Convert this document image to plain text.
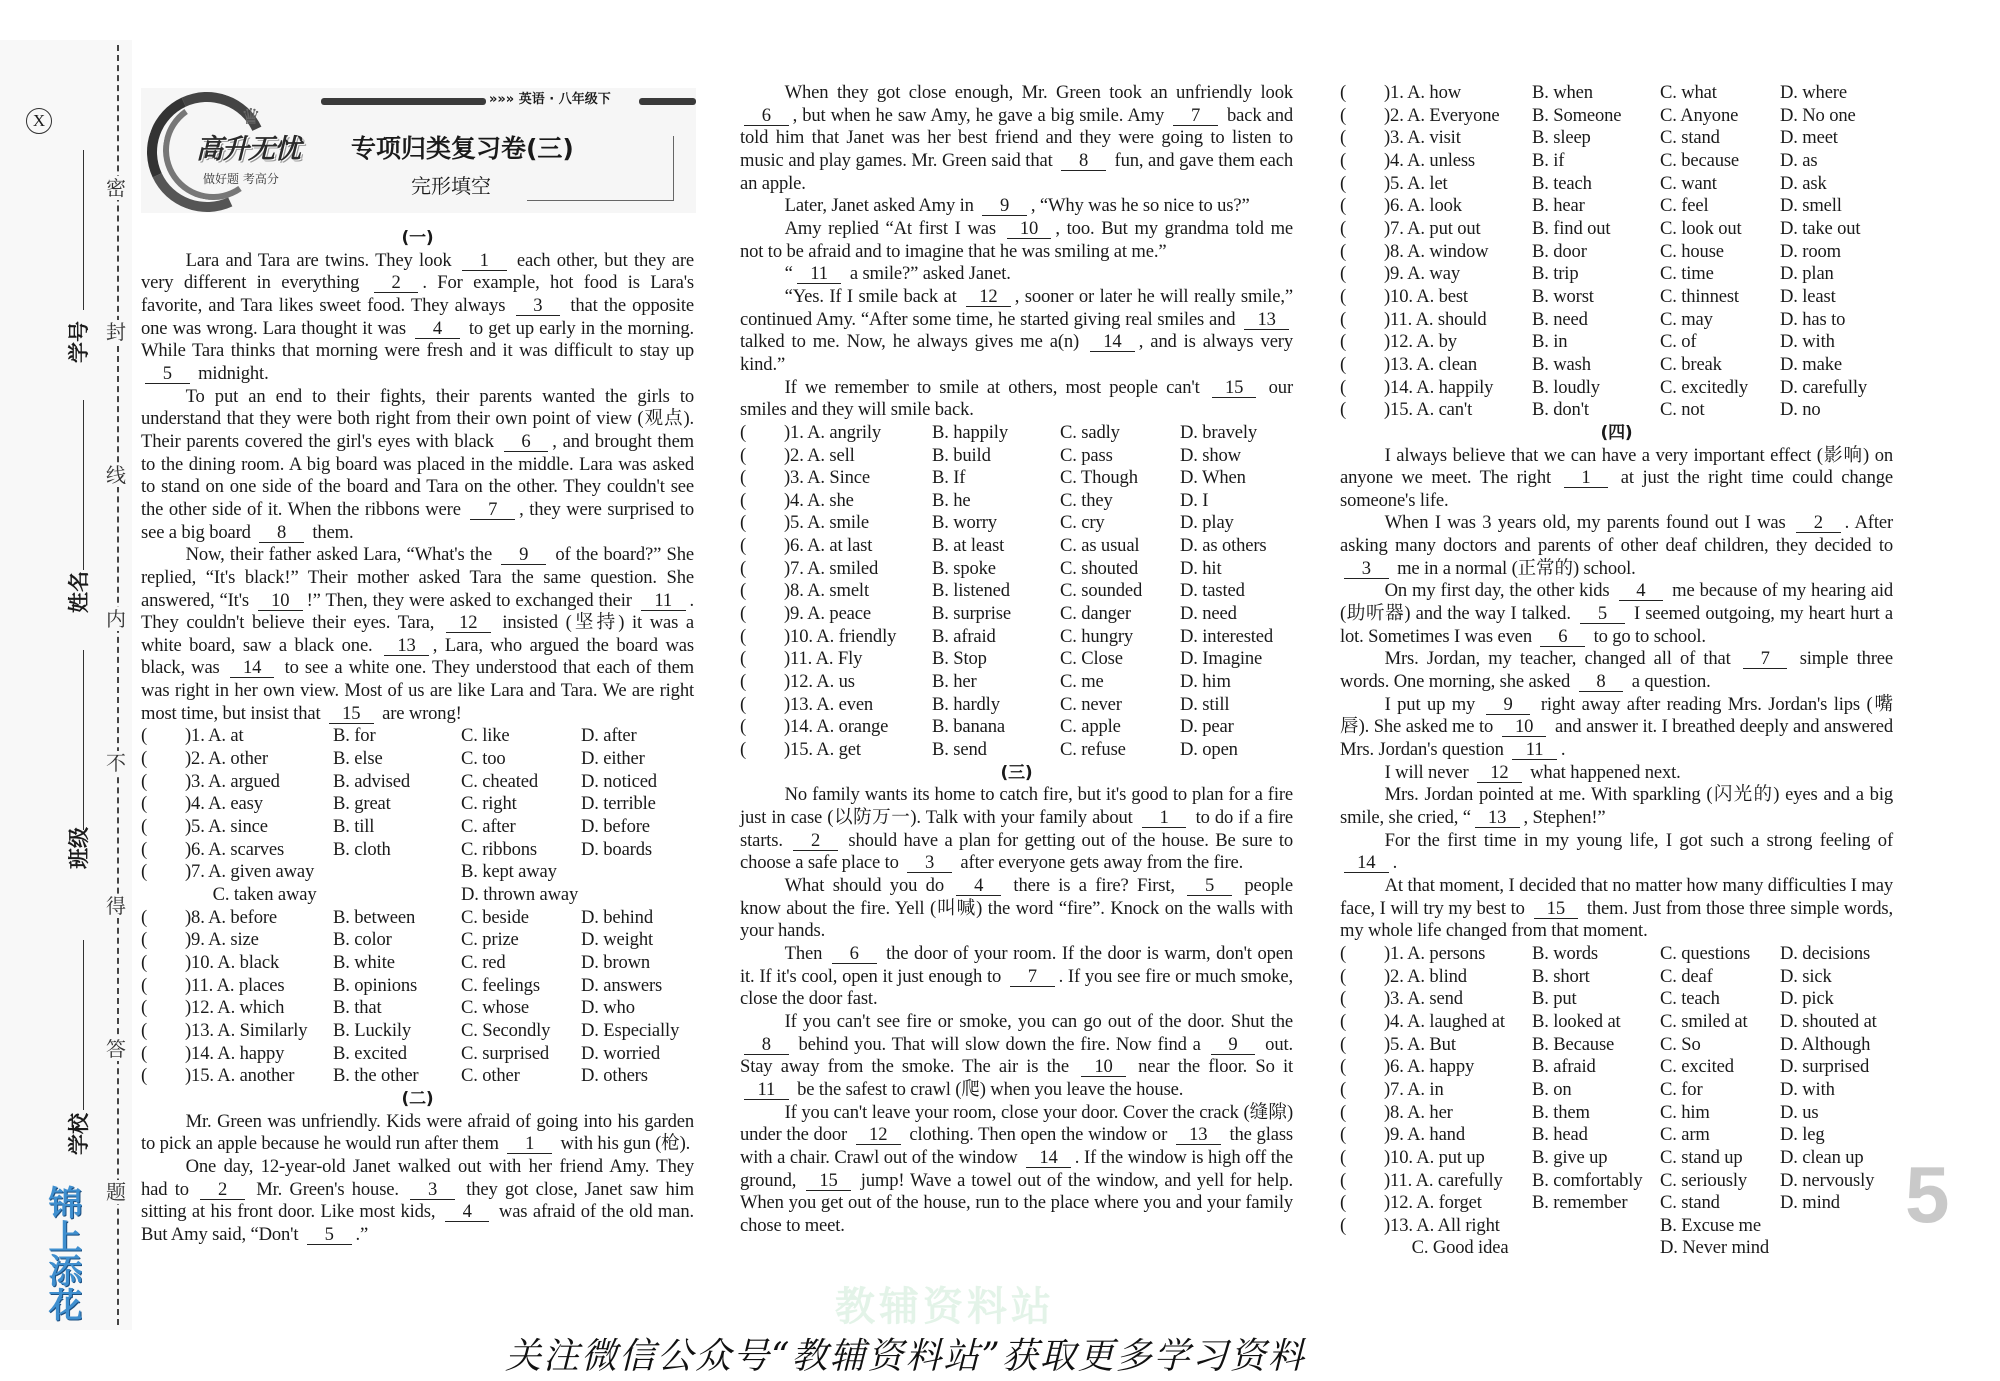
X
密
封
线
内
不
得
答
题
学号
姓名
班级
学校
锦上添花
♛
高升无忧
做好题 考高分
»»» 英语 · 八年级下
专项归类复习卷(三)
完形填空
(一)

Lara and Tara are twins. They look 1 each other, but they are very different in everything 2 . For example, hot food is Lara's favorite, and Tara likes sweet food. They always 3 that the opposite one was wrong. Lara thought it was 4 to get up early in the morning. While Tara thinks that morning were fresh and it was difficult to stay up 5 midnight.

To put an end to their fights, their parents wanted the girls to understand that they were both right from their own point of view (观点). Their parents covered the girl's eyes with black 6 , and brought them to the dining room. A big board was placed in the middle. Lara was asked to stand on one side of the board and Tara on the other. They couldn't see the other side of it. When the ribbons were 7 , they were surprised to see a big board 8 them.

Now, their father asked Lara, “What's the 9 of the board?” She replied, “It's black!” Their mother asked Tara the same question. She answered, “It's 10 !” Then, they were asked to exchanged their 11 . They couldn't believe their eyes. Tara, 12 insisted (坚持) it was a white board, saw a black one. 13 , Lara, who argued the board was black, was 14 to see a white one. They understood that each of them was right in her own view. Most of us are like Lara and Tara. We are right most time, but insist that 15 are wrong!

(	)1. A. at	B. for	C. like	D. after
(	)2. A. other	B. else	C. too	D. either
(	)3. A. argued	B. advised	C. cheated	D. noticed
(	)4. A. easy	B. great	C. right	D. terrible
(	)5. A. since	B. till	C. after	D. before
(	)6. A. scarves	B. cloth	C. ribbons	D. boards
(	)7. A. given away	B. kept away
  C. taken away	D. thrown away
(	)8. A. before	B. between	C. beside	D. behind
(	)9. A. size	B. color	C. prize	D. weight
(	)10. A. black	B. white	C. red	D. brown
(	)11. A. places	B. opinions	C. feelings	D. answers
(	)12. A. which	B. that	C. whose	D. who
(	)13. A. Similarly	B. Luckily	C. Secondly	D. Especially
(	)14. A. happy	B. excited	C. surprised	D. worried
(	)15. A. another	B. the other	C. other	D. others
(二)

Mr. Green was unfriendly. Kids were afraid of going into his garden to pick an apple because he would run after them 1 with his gun (枪).

One day, 12-year-old Janet walked out with her friend Amy. They had to 2 Mr. Green's house. 3 they got close, Janet saw him sitting at his front door. Like most kids, 4 was afraid of the old man. But Amy said, “Don't 5 .”

When they got close enough, Mr. Green took an unfriendly look 6 , but when he saw Amy, he gave a big smile. Amy 7 back and told him that Janet was her best friend and they were going to listen to music and play games. Mr. Green said that 8 fun, and gave them each an apple.

Later, Janet asked Amy in 9 , “Why was he so nice to us?”

Amy replied “At first I was 10 , too. But my grandma told me not to be afraid and to imagine that he was smiling at me.”

“ 11 a smile?” asked Janet.

“Yes. If I smile back at 12 , sooner or later he will really smile,” continued Amy. “After some time, he started giving real smiles and 13 talked to me. Now, he always gives me a(n) 14 , and is always very kind.”

If we remember to smile at others, most people can't 15 our smiles and they will smile back.

(	)1. A. angrily	B. happily	C. sadly	D. bravely
(	)2. A. sell	B. build	C. pass	D. show
(	)3. A. Since	B. If	C. Though	D. When
(	)4. A. she	B. he	C. they	D. I
(	)5. A. smile	B. worry	C. cry	D. play
(	)6. A. at last	B. at least	C. as usual	D. as others
(	)7. A. smiled	B. spoke	C. shouted	D. hit
(	)8. A. smelt	B. listened	C. sounded	D. tasted
(	)9. A. peace	B. surprise	C. danger	D. need
(	)10. A. friendly	B. afraid	C. hungry	D. interested
(	)11. A. Fly	B. Stop	C. Close	D. Imagine
(	)12. A. us	B. her	C. me	D. him
(	)13. A. even	B. hardly	C. never	D. still
(	)14. A. orange	B. banana	C. apple	D. pear
(	)15. A. get	B. send	C. refuse	D. open
(三)

No family wants its home to catch fire, but it's good to plan for a fire just in case (以防万一). Talk with your family about 1 to do if a fire starts. 2 should have a plan for getting out of the house. Be sure to choose a safe place to 3 after everyone gets away from the fire.

What should you do 4 there is a fire? First, 5 people know about the fire. Yell (叫喊) the word “fire”. Knock on the walls with your hands.

Then 6 the door of your room. If the door is warm, don't open it. If it's cool, open it just enough to 7 . If you see fire or much smoke, close the door fast.

If you can't see fire or smoke, you can go out of the door. Shut the 8 behind you. That will slow down the fire. Now find a 9 out. Stay away from the smoke. The air is the 10 near the floor. So it 11 be the safest to crawl (爬) when you leave the house.

If you can't leave your room, close your door. Cover the crack (缝隙) under the door 12 clothing. Then open the window or 13 the glass with a chair. Crawl out of the window 14 . If the window is high off the ground, 15 jump! Wave a towel out of the window, and yell for help. When you get out of the house, run to the place where you and your family chose to meet.

(	)1. A. how	B. when	C. what	D. where
(	)2. A. Everyone	B. Someone	C. Anyone	D. No one
(	)3. A. visit	B. sleep	C. stand	D. meet
(	)4. A. unless	B. if	C. because	D. as
(	)5. A. let	B. teach	C. want	D. ask
(	)6. A. look	B. hear	C. feel	D. smell
(	)7. A. put out	B. find out	C. look out	D. take out
(	)8. A. window	B. door	C. house	D. room
(	)9. A. way	B. trip	C. time	D. plan
(	)10. A. best	B. worst	C. thinnest	D. least
(	)11. A. should	B. need	C. may	D. has to
(	)12. A. by	B. in	C. of	D. with
(	)13. A. clean	B. wash	C. break	D. make
(	)14. A. happily	B. loudly	C. excitedly	D. carefully
(	)15. A. can't	B. don't	C. not	D. no
(四)

I always believe that we can have a very important effect (影响) on anyone we meet. The right 1 at just the right time could change someone's life.

When I was 3 years old, my parents found out I was 2 . After asking many doctors and parents of other deaf children, they decided to 3 me in a normal (正常的) school.

On my first day, the other kids 4 me because of my hearing aid (助听器) and the way I talked. 5 I seemed outgoing, my heart hurt a lot. Sometimes I was even 6 to go to school.

Mrs. Jordan, my teacher, changed all of that 7 simple three words. One morning, she asked 8 a question.

I put up my 9 right away after reading Mrs. Jordan's lips (嘴唇). She asked me to 10 and answer it. I breathed deeply and answered Mrs. Jordan's question 11 .

I will never 12 what happened next.

Mrs. Jordan pointed at me. With sparkling (闪光的) eyes and a big smile, she cried, “ 13 , Stephen!”

For the first time in my young life, I got such a strong feeling of 14 .

At that moment, I decided that no matter how many difficulties I may face, I will try my best to 15 them. Just from those three simple words, my whole life changed from that moment.

(	)1. A. persons	B. words	C. questions	D. decisions
(	)2. A. blind	B. short	C. deaf	D. sick
(	)3. A. send	B. put	C. teach	D. pick
(	)4. A. laughed at	B. looked at	C. smiled at	D. shouted at
(	)5. A. But	B. Because	C. So	D. Although
(	)6. A. happy	B. afraid	C. excited	D. surprised
(	)7. A. in	B. on	C. for	D. with
(	)8. A. her	B. them	C. him	D. us
(	)9. A. hand	B. head	C. arm	D. leg
(	)10. A. put up	B. give up	C. stand up	D. clean up
(	)11. A. carefully	B. comfortably C. seriously	D. nervously
(	)12. A. forget	B. remember	C. stand	D. mind
(	)13. A. All right	B. Excuse me
  C. Good idea	D. Never mind
5
教辅资料站
关注微信公众号“教辅资料站”获取更多学习资料
